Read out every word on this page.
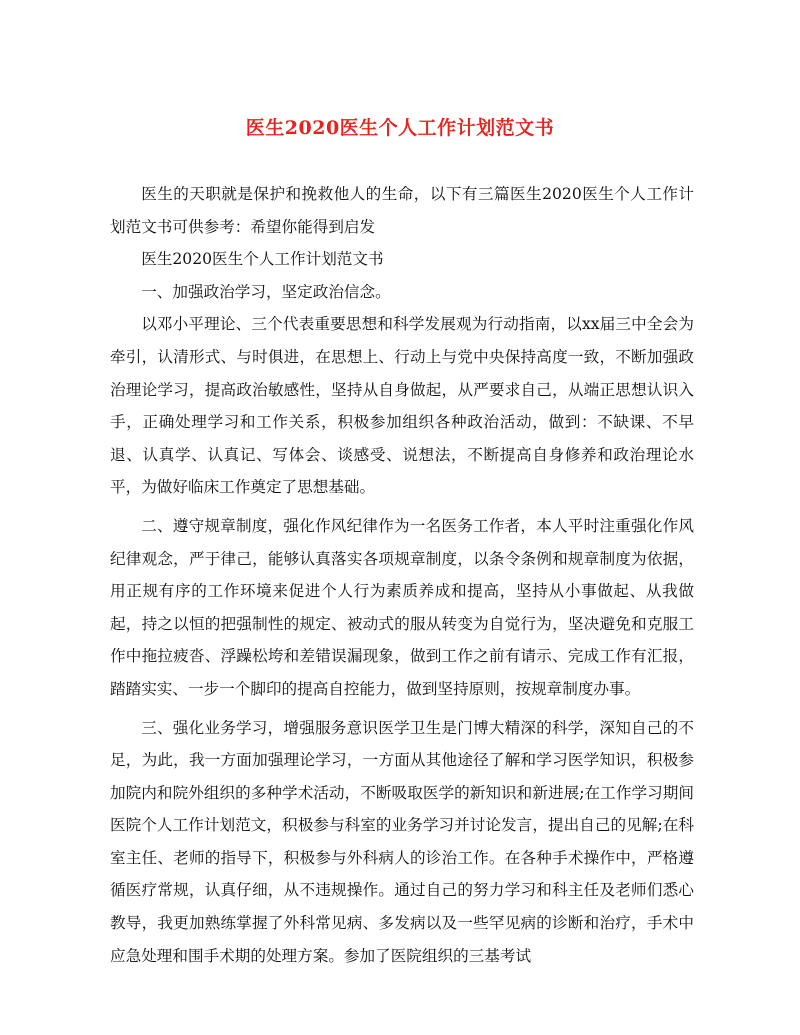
医生2020医生个人工作计划范文书

医生的天职就是保护和挽救他人的生命，以下有三篇医生2020医生个人工作计划范文书可供参考：希望你能得到启发

医生2020医生个人工作计划范文书

一、加强政治学习，坚定政治信念。

以邓小平理论、三个代表重要思想和科学发展观为行动指南，以xx届三中全会为牵引，认清形式、与时俱进，在思想上、行动上与党中央保持高度一致，不断加强政治理论学习，提高政治敏感性，坚持从自身做起，从严要求自己，从端正思想认识入手，正确处理学习和工作关系，积极参加组织各种政治活动，做到：不缺课、不早退、认真学、认真记、写体会、谈感受、说想法，不断提高自身修养和政治理论水平，为做好临床工作奠定了思想基础。

二、遵守规章制度，强化作风纪律作为一名医务工作者，本人平时注重强化作风纪律观念，严于律己，能够认真落实各项规章制度，以条令条例和规章制度为依据，用正规有序的工作环境来促进个人行为素质养成和提高，坚持从小事做起、从我做起，持之以恒的把强制性的规定、被动式的服从转变为自觉行为，坚决避免和克服工作中拖拉疲沓、浮躁松垮和差错误漏现象，做到工作之前有请示、完成工作有汇报，踏踏实实、一步一个脚印的提高自控能力，做到坚持原则，按规章制度办事。

三、强化业务学习，增强服务意识医学卫生是门博大精深的科学，深知自己的不足，为此，我一方面加强理论学习，一方面从其他途径了解和学习医学知识，积极参加院内和院外组织的多种学术活动，不断吸取医学的新知识和新进展;在工作学习期间医院个人工作计划范文，积极参与科室的业务学习并讨论发言，提出自己的见解;在科室主任、老师的指导下，积极参与外科病人的诊治工作。在各种手术操作中，严格遵循医疗常规，认真仔细，从不违规操作。通过自己的努力学习和科主任及老师们悉心教导，我更加熟练掌握了外科常见病、多发病以及一些罕见病的诊断和治疗，手术中应急处理和围手术期的处理方案。参加了医院组织的三基考试
